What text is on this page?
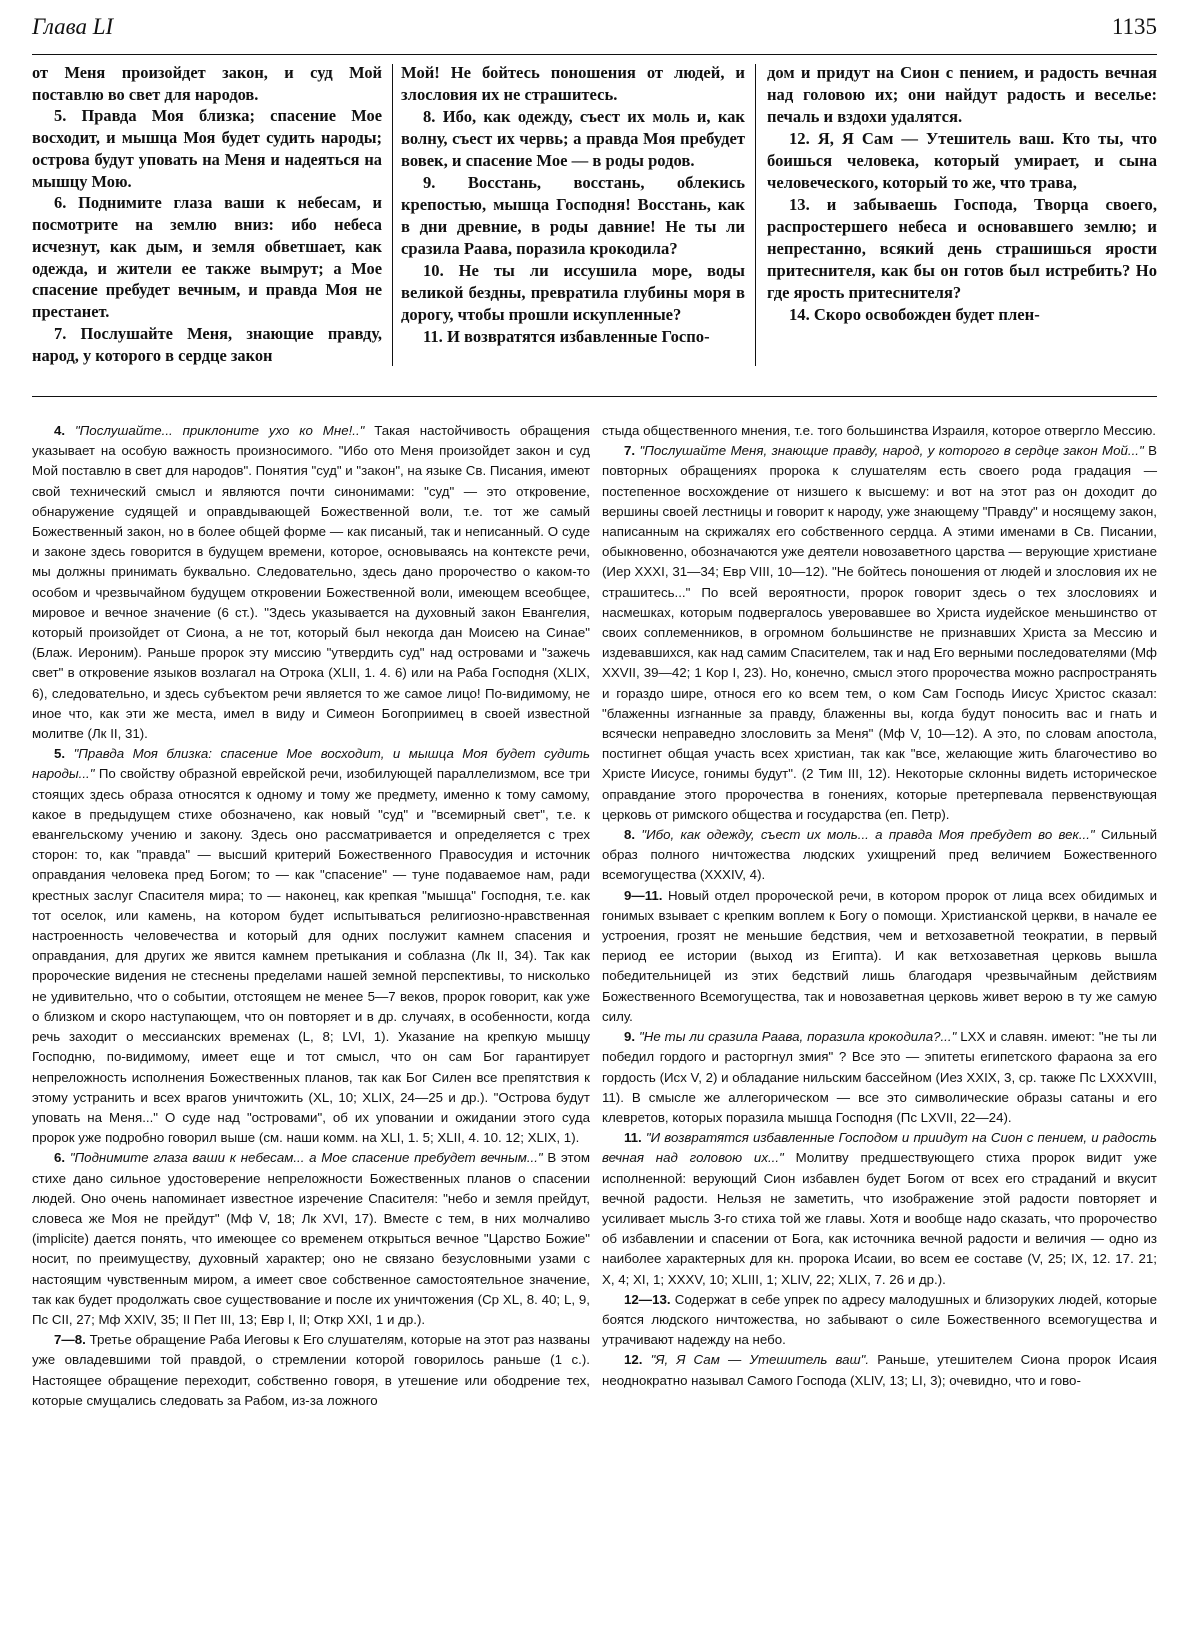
Глава LI	1135

от Меня произойдет закон, и суд Мой поставлю во свет для народов.

5. Правда Моя близка; спасение Мое восходит, и мышца Моя будет судить народы; острова будут уповать на Меня и надеяться на мышцу Мою.

6. Поднимите глаза ваши к небесам, и посмотрите на землю вниз: ибо небеса исчезнут, как дым, и земля обветшает, как одежда, и жители ее также вымрут; а Мое спасение пребудет вечным, и правда Моя не престанет.

7. Послушайте Меня, знающие правду, народ, у которого в сердце закон

Мой! Не бойтесь поношения от людей, и злословия их не страшитесь.

8. Ибо, как одежду, съест их моль и, как волну, съест их червь; а правда Моя пребудет вовек, и спасение Мое — в роды родов.

9. Восстань, восстань, облекись крепостью, мышца Господня! Восстань, как в дни древние, в роды давние! Не ты ли сразила Раава, поразила крокодила?

10. Не ты ли иссушила море, воды великой бездны, превратила глубины моря в дорогу, чтобы прошли искупленные?

11. И возвратятся избавленные Госпо-

дом и придут на Сион с пением, и радость вечная над головою их; они найдут радость и веселье: печаль и вздохи удалятся.

12. Я, Я Сам — Утешитель ваш. Кто ты, что боишься человека, который умирает, и сына человеческого, который то же, что трава,

13. и забываешь Господа, Творца своего, распростершего небеса и основавшего землю; и непрестанно, всякий день страшишься ярости притеснителя, как бы он готов был истребить? Но где ярость притеснителя?

14. Скоро освобожден будет плен-

4. "Послушайте... приклоните ухо ко Мне!.." Такая настойчивость обращения указывает на особую важность произносимого. "Ибо ото Меня произойдет закон и суд Мой поставлю в свет для народов". Понятия "суд" и "закон", на языке Св. Писания, имеют свой технический смысл и являются почти синонимами: "суд" — это откровение, обнаружение судящей и оправдывающей Божественной воли, т.е. тот же самый Божественный закон, но в более общей форме — как писаный, так и неписанный. О суде и законе здесь говорится в будущем времени, которое, основываясь на контексте речи, мы должны принимать буквально. Следовательно, здесь дано пророчество о каком-то особом и чрезвычайном будущем откровении Божественной воли, имеющем всеобщее, мировое и вечное значение (6 ст.). "Здесь указывается на духовный закон Евангелия, который произойдет от Сиона, а не тот, который был некогда дан Моисею на Синае" (Блаж. Иероним). Раньше пророк эту миссию "утвердить суд" над островами и "зажечь свет" в откровение языков возлагал на Отрока (XLII, 1. 4. 6) или на Раба Господня (XLIX, 6), следовательно, и здесь субъектом речи является то же самое лицо! По-видимому, не иное что, как эти же места, имел в виду и Симеон Богоприимец в своей известной молитве (Лк II, 31).

5. "Правда Моя близка: спасение Мое восходит, и мышца Моя будет судить народы..." По свойству образной еврейской речи, изобилующей параллелизмом, все три стоящих здесь образа относятся к одному и тому же предмету, именно к тому самому, какое в предыдущем стихе обозначено, как новый "суд" и "всемирный свет", т.е. к евангельскому учению и закону. Здесь оно рассматривается и определяется с трех сторон: то, как "правда" — высший критерий Божественного Правосудия и источник оправдания человека пред Богом; то — как "спасение" — туне подаваемое нам, ради крестных заслуг Спасителя мира; то — наконец, как крепкая "мышца" Господня, т.е. как тот оселок, или камень, на котором будет испытываться религиозно-нравственная настроенность человечества и который для одних послужит камнем спасения и оправдания, для других же явится камнем претыкания и соблазна (Лк II, 34). Так как пророческие видения не стеснены пределами нашей земной перспективы, то нисколько не удивительно, что о событии, отстоящем не менее 5—7 веков, пророк говорит, как уже о близком и скоро наступающем, что он повторяет и в др. случаях, в особенности, когда речь заходит о мессианских временах (L, 8; LVI, 1). Указание на крепкую мышцу Господню, по-видимому, имеет еще и тот смысл, что он сам Бог гарантирует непреложность исполнения Божественных планов, так как Бог Силен все препятствия к этому устранить и всех врагов уничтожить (XL, 10; XLIX, 24—25 и др.). "Острова будут уповать на Меня..." О суде над "островами", об их уповании и ожидании этого суда пророк уже подробно говорил выше (см. наши комм. на XLI, 1. 5; XLII, 4. 10. 12; XLIX, 1).

6. "Поднимите глаза ваши к небесам... а Мое спасение пребудет вечным..." В этом стихе дано сильное удостоверение непреложности Божественных планов о спасении людей. Оно очень напоминает известное изречение Спасителя: "небо и земля прейдут, словеса же Моя не прейдут" (Мф V, 18; Лк XVI, 17). Вместе с тем, в них молчаливо (implicite) дается понять, что имеющее со временем открыться вечное "Царство Божие" носит, по преимуществу, духовный характер; оно не связано безусловными узами с настоящим чувственным миром, а имеет свое собственное самостоятельное значение, так как будет продолжать свое существование и после их уничтожения (Ср XL, 8. 40; L, 9, Пс СII, 27; Мф XXIV, 35; II Пет III, 13; Евр I, II; Откр XXI, 1 и др.).

7—8. Третье обращение Раба Иеговы к Его слушателям, которые на этот раз названы уже овладевшими той правдой, о стремлении которой говорилось раньше (1 с.). Настоящее обращение переходит, собственно говоря, в утешение или ободрение тех, которые смущались следовать за Рабом, из-за ложного

стыда общественного мнения, т.е. того большинства Израиля, которое отвергло Мессию.

7. "Послушайте Меня, знающие правду, народ, у которого в сердце закон Мой..." В повторных обращениях пророка к слушателям есть своего рода градация — постепенное восхождение от низшего к высшему: и вот на этот раз он доходит до вершины своей лестницы и говорит к народу, уже знающему "Правду" и носящему закон, написанным на скрижалях его собственного сердца. А этими именами в Св. Писании, обыкновенно, обозначаются уже деятели новозаветного царства — верующие христиане (Иер XXXI, 31—34; Евр VIII, 10—12). "Не бойтесь поношения от людей и злословия их не страшитесь..." По всей вероятности, пророк говорит здесь о тех злословиях и насмешках, которым подвергалось уверовавшее во Христа иудейское меньшинство от своих соплеменников, в огромном большинстве не признавших Христа за Мессию и издевавшихся, как над самим Спасителем, так и над Его верными последователями (Мф XXVII, 39—42; 1 Кор I, 23). Но, конечно, смысл этого пророчества можно распространять и гораздо шире, относя его ко всем тем, о ком Сам Господь Иисус Христос сказал: "блаженны изгнанные за правду, блаженны вы, когда будут поносить вас и гнать и всячески неправедно злословить за Меня" (Мф V, 10—12). А это, по словам апостола, постигнет общая участь всех христиан, так как "все, желающие жить благочестиво во Христе Иисусе, гонимы будут". (2 Тим III, 12). Некоторые склонны видеть историческое оправдание этого пророчества в гонениях, которые претерпевала первенствующая церковь от римского общества и государства (еп. Петр).

8. "Ибо, как одежду, съест их моль... а правда Моя пребудет во век..." Сильный образ полного ничтожества людских ухищрений пред величием Божественного всемогущества (XXXIV, 4).

9—11. Новый отдел пророческой речи, в котором пророк от лица всех обидимых и гонимых взывает с крепким воплем к Богу о помощи. Христианской церкви, в начале ее устроения, грозят не меньшие бедствия, чем и ветхозаветной теократии, в первый период ее истории (выход из Египта). И как ветхозаветная церковь вышла победительницей из этих бедствий лишь благодаря чрезвычайным действиям Божественного Всемогущества, так и новозаветная церковь живет верою в ту же самую силу.

9. "Не ты ли сразила Раава, поразила крокодила?..." LXX и славян. имеют: "не ты ли победил гордого и расторгнул змия" ? Все это — эпитеты египетского фараона за его гордость (Исх V, 2) и обладание нильским бассейном (Иез XXIX, 3, ср. также Пс LXXXVIII, 11). В смысле же аллегорическом — все это символические образы сатаны и его клевретов, которых поразила мышца Господня (Пс LXVII, 22—24).

11. "И возвратятся избавленные Господом и приидут на Сион с пением, и радость вечная над головою их..." Молитву предшествующего стиха пророк видит уже исполненной: верующий Сион избавлен будет Богом от всех его страданий и вкусит вечной радости. Нельзя не заметить, что изображение этой радости повторяет и усиливает мысль 3-го стиха той же главы. Хотя и вообще надо сказать, что пророчество об избавлении и спасении от Бога, как источника вечной радости и величия — одно из наиболее характерных для кн. пророка Исаии, во всем ее составе (V, 25; IX, 12. 17. 21; X, 4; XI, 1; XXXV, 10; XLIII, 1; XLIV, 22; XLIX, 7. 26 и др.).

12—13. Содержат в себе упрек по адресу малодушных и близоруких людей, которые боятся людского ничтожества, но забывают о силе Божественного всемогущества и утрачивают надежду на небо.

12. "Я, Я Сам — Утешитель ваш". Раньше, утешителем Сиона пророк Исаия неоднократно называл Самого Господа (XLIV, 13; LI, 3); очевидно, что и гово-
